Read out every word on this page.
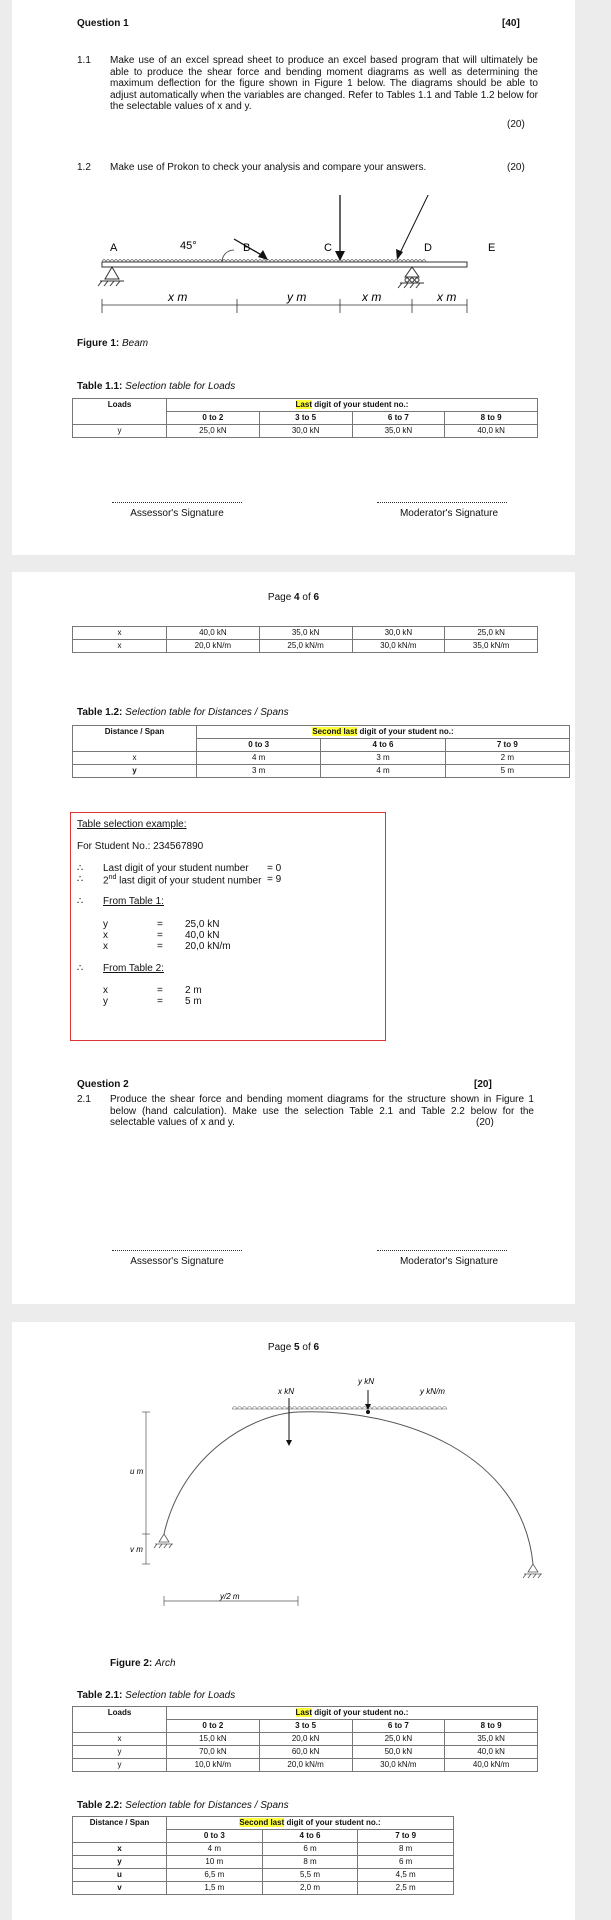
Question 1	[40]
1.1 Make use of an excel spread sheet to produce an excel based program that will ultimately be able to produce the shear force and bending moment diagrams as well as determining the maximum deflection for the figure shown in Figure 1 below. The diagrams should be able to adjust automatically when the variables are changed. Refer to Tables 1.1 and Table 1.2 below for the selectable values of x and y.
(20)
1.2 Make use of Prokon to check your analysis and compare your answers.	(20)
45°
A	B	C	D	E
x m	y m	x m	x m
Figure 1: Beam
Table 1.1: Selection table for Loads
Loads	Last digit of your student no.:			
	0 to 2	3 to 5	6 to 7	8 to 9
y	25,0 kN	30,0 kN	35,0 kN	40,0 kN
Assessor's Signature	Moderator's Signature
Page 4 of 6
x	40,0 kN	35,0 kN	30,0 kN	25,0 kN
x	20,0 kN/m	25,0 kN/m	30,0 kN/m	35,0 kN/m
Table 1.2: Selection table for Distances / Spans
Distance / Span	Second last digit of your student no.:		
	0 to 3	4 to 6	7 to 9
x	4 m	3 m	2 m
y	3 m	4 m	5 m
Table selection example:
For Student No.: 234567890
∴ Last digit of your student number = 0
∴ 2nd last digit of your student number = 9
∴ From Table 1:
y	= 25,0 kN
x	= 40,0 kN
x	= 20,0 kN/m
∴ From Table 2:
x	= 2 m
y	= 5 m
Question 2	[20]
2.1 Produce the shear force and bending moment diagrams for the structure shown in Figure 1 below (hand calculation). Make use the selection Table 2.1 and Table 2.2 below for the selectable values of x and y.	(20)
Assessor's Signature	Moderator's Signature
Page 5 of 6
y kN
x kN	y kN/m
u m
v m
y/2 m
Figure 2: Arch
Table 2.1: Selection table for Loads
Loads	Last digit of your student no.:			
	0 to 2	3 to 5	6 to 7	8 to 9
x	15,0 kN	20,0 kN	25,0 kN	35,0 kN
y	70,0 kN	60,0 kN	50,0 kN	40,0 kN
y	10,0 kN/m	20,0 kN/m	30,0 kN/m	40,0 kN/m
Table 2.2: Selection table for Distances / Spans
Distance / Span	Second last digit of your student no.:		
	0 to 3	4 to 6	7 to 9
x	4 m	6 m	8 m
y	10 m	8 m	6 m
u	6,5 m	5,5 m	4,5 m
v	1,5 m	2,0 m	2,5 m
